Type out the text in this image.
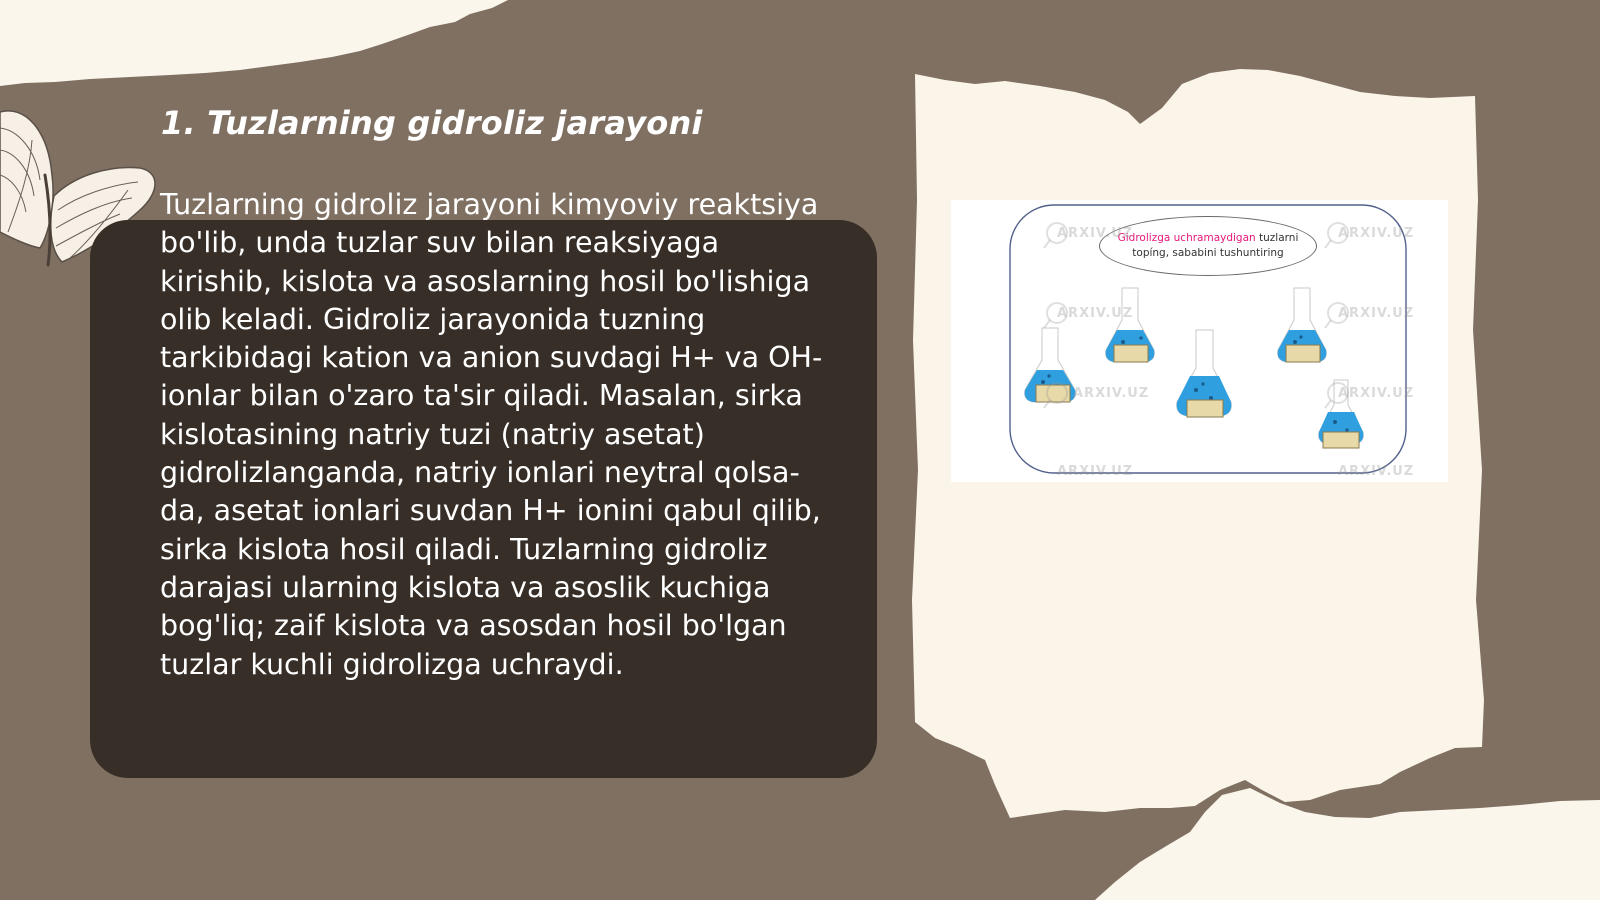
1. Tuzlarning gidroliz jarayoni

Tuzlarning gidroliz jarayoni kimyoviy reaktsiya bo'lib, unda tuzlar suv bilan reaksiyaga kirishib, kislota va asoslarning hosil bo'lishiga olib keladi. Gidroliz jarayonida tuzning tarkibidagi kation va anion suvdagi H+ va OH- ionlar bilan o'zaro ta'sir qiladi. Masalan, sirka kislotasining natriy tuzi (natriy asetat) gidrolizlanganda, natriy ionlari neytral qolsa-da, asetat ionlari suvdan H+ ionini qabul qilib, sirka kislota hosil qiladi. Tuzlarning gidroliz darajasi ularning kislota va asoslik kuchiga bog'liq; zaif kislota va asosdan hosil bo'lgan tuzlar kuchli gidrolizga uchraydi.

Gidrolizga uchramaydigan tuzlarni topíng, sababini tushuntiring
ARXIV.UZ	ARXIV.UZ
ARXIV.UZ	ARXIV.UZ
ARXIV.UZ	ARXIV.UZ
ARXIV.UZ	ARXIV.UZ
